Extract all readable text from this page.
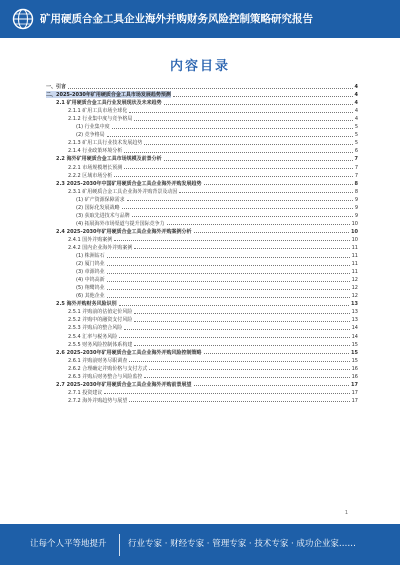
矿用硬质合金工具企业海外并购财务风险控制策略研究报告
内容目录
一、引言	4
二、2025-2030年矿用硬质合金工具市场发展趋势预测	4
2.1 矿用硬质合金工具行业发展现状及未来趋势	4
2.1.1 矿用工具市场全球化	4
2.1.2 行业集中度与竞争格局	4
(1) 行业集中度	5
(2) 竞争格局	5
2.1.3 矿用工具行业技术发展趋势	5
2.1.4 行业政策环境分析	6
2.2 海外矿用硬质合金工具市场规模及前景分析	7
2.2.1 市场规模增长预测	7
2.2.2 区域市场分析	7
2.3 2025-2030年中国矿用硬质合金工具企业海外并购发展趋势	8
2.3.1 矿用硬质合金工具企业海外并购背景及动因	8
(1) 矿产资源保障需求	9
(2) 国际化发展战略	9
(3) 获取先进技术与品牌	9
(4) 拓展海外市场渠道与提升国际竞争力	10
2.4 2025-2030年矿用硬质合金工具企业海外并购案例分析	10
2.4.1 国外并购案例	10
2.4.2 国内企业海外并购案例	11
(1) 株洲钻石	11
(2) 厦门钨业	11
(3) 章源钨业	11
(4) 中钨高新	12
(5) 翔鹭钨业	12
(6) 其他企业	12
2.5 海外并购财务风险识别	13
2.5.1 并购前的估值定价风险	13
2.5.2 并购中的融资支付风险	13
2.5.3 并购后的整合风险	14
2.5.4 汇率与税务风险	14
2.5.5 财务风险控制体系构建	15
2.6 2025-2030年矿用硬质合金工具企业海外并购风险控制策略	15
2.6.1 并购前财务尽职调查	15
2.6.2 合理确定并购价格与支付方式	16
2.6.3 并购后财务整合与风险监控	16
2.7 2025-2030年矿用硬质合金工具企业海外并购前景展望	17
2.7.1 投资建议	17
2.7.2 海外并购趋势与展望	17
1
让每个人平等地提升	行业专家 · 财经专家 · 管理专家 · 技术专家 · 成功企业家……
